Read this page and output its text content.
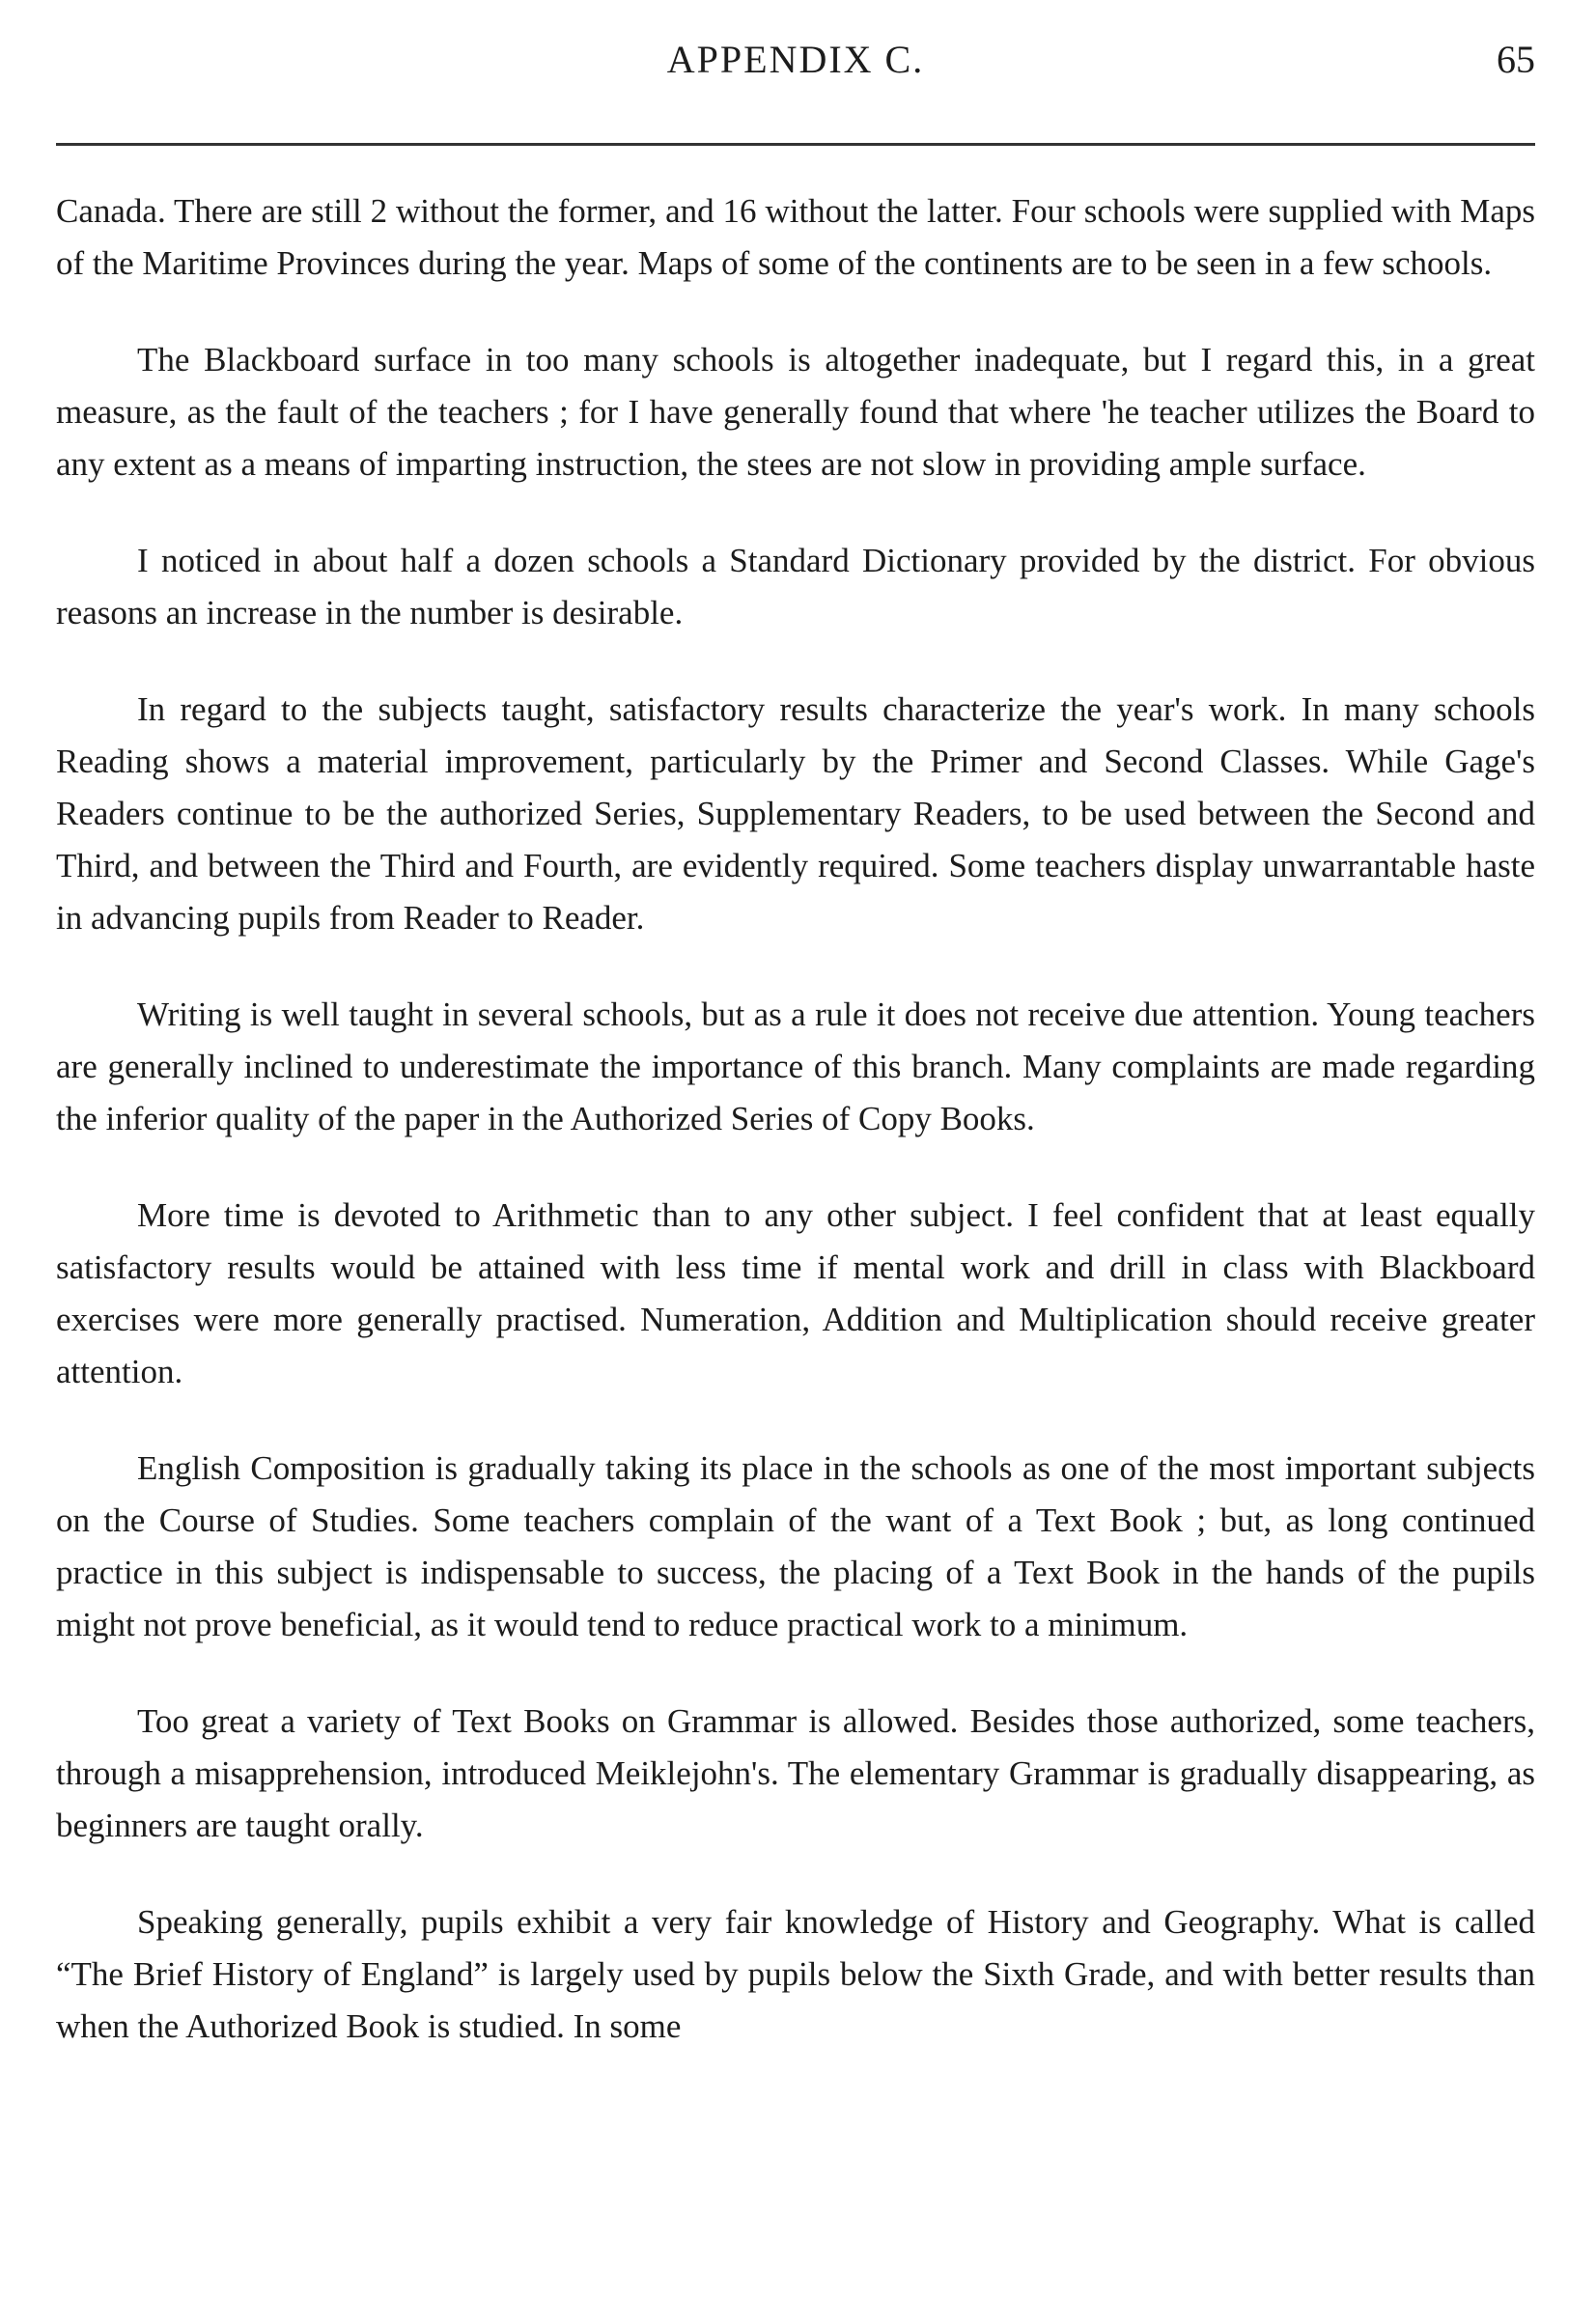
APPENDIX C.	65

Canada. There are still 2 without the former, and 16 without the latter. Four schools were supplied with Maps of the Maritime Provinces during the year. Maps of some of the continents are to be seen in a few schools.

The Blackboard surface in too many schools is altogether inadequate, but I regard this, in a great measure, as the fault of the teachers ; for I have generally found that where 'he teacher utilizes the Board to any extent as a means of imparting instruction, the stees are not slow in providing ample surface.

I noticed in about half a dozen schools a Standard Dictionary provided by the district. For obvious reasons an increase in the number is desirable.

In regard to the subjects taught, satisfactory results characterize the year's work. In many schools Reading shows a material improvement, particularly by the Primer and Second Classes. While Gage's Readers continue to be the authorized Series, Supplementary Readers, to be used between the Second and Third, and between the Third and Fourth, are evidently required. Some teachers display unwarrantable haste in advancing pupils from Reader to Reader.

Writing is well taught in several schools, but as a rule it does not receive due attention. Young teachers are generally inclined to underestimate the importance of this branch. Many complaints are made regarding the inferior quality of the paper in the Authorized Series of Copy Books.

More time is devoted to Arithmetic than to any other subject. I feel confident that at least equally satisfactory results would be attained with less time if mental work and drill in class with Blackboard exercises were more generally practised. Numeration, Addition and Multiplication should receive greater attention.

English Composition is gradually taking its place in the schools as one of the most important subjects on the Course of Studies. Some teachers complain of the want of a Text Book ; but, as long continued practice in this subject is indispensable to success, the placing of a Text Book in the hands of the pupils might not prove beneficial, as it would tend to reduce practical work to a minimum.

Too great a variety of Text Books on Grammar is allowed. Besides those authorized, some teachers, through a misapprehension, introduced Meiklejohn's. The elementary Grammar is gradually disappearing, as beginners are taught orally.

Speaking generally, pupils exhibit a very fair knowledge of History and Geography. What is called “The Brief History of England” is largely used by pupils below the Sixth Grade, and with better results than when the Authorized Book is studied. In some
